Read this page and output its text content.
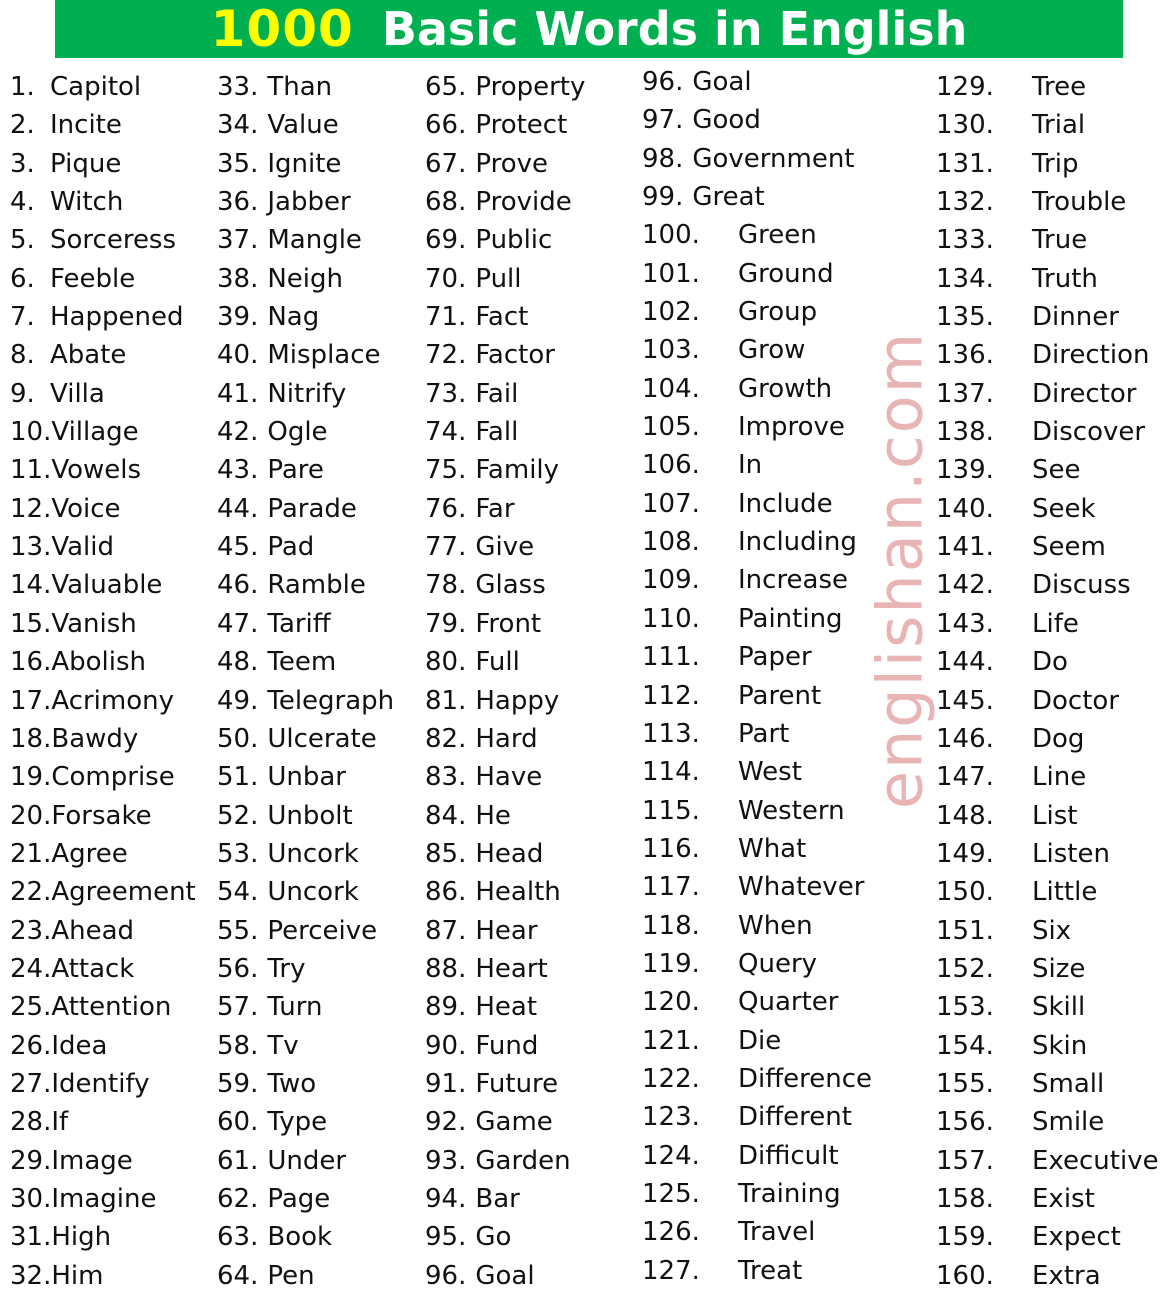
1000 Basic Words in English
englishan.com
1. Capitol
2. Incite
3. Pique
4. Witch
5. Sorceress
6. Feeble
7. Happened
8. Abate
9. Villa
10. Village
11. Vowels
12. Voice
13. Valid
14. Valuable
15. Vanish
16. Abolish
17. Acrimony
18. Bawdy
19. Comprise
20. Forsake
21. Agree
22. Agreement
23. Ahead
24. Attack
25. Attention
26. Idea
27. Identify
28. If
29. Image
30. Imagine
31. High
32. Him
33. Than
34. Value
35. Ignite
36. Jabber
37. Mangle
38. Neigh
39. Nag
40. Misplace
41. Nitrify
42. Ogle
43. Pare
44. Parade
45. Pad
46. Ramble
47. Tariff
48. Teem
49. Telegraph
50. Ulcerate
51. Unbar
52. Unbolt
53. Uncork
54. Uncork
55. Perceive
56. Try
57. Turn
58. Tv
59. Two
60. Type
61. Under
62. Page
63. Book
64. Pen
65. Property
66. Protect
67. Prove
68. Provide
69. Public
70. Pull
71. Fact
72. Factor
73. Fail
74. Fall
75. Family
76. Far
77. Give
78. Glass
79. Front
80. Full
81. Happy
82. Hard
83. Have
84. He
85. Head
86. Health
87. Hear
88. Heart
89. Heat
90. Fund
91. Future
92. Game
93. Garden
94. Bar
95. Go
96. Goal
96. Goal
97. Good
98. Government
99. Great
100.	Green
101.	Ground
102.	Group
103.	Grow
104.	Growth
105.	Improve
106.	In
107.	Include
108.	Including
109.	Increase
110.	Painting
111.	Paper
112.	Parent
113.	Part
114.	West
115.	Western
116.	What
117.	Whatever
118.	When
119.	Query
120.	Quarter
121.	Die
122.	Difference
123.	Different
124.	Difficult
125.	Training
126.	Travel
127.	Treat
129.	Tree
130.	Trial
131.	Trip
132.	Trouble
133.	True
134.	Truth
135.	Dinner
136.	Direction
137.	Director
138.	Discover
139.	See
140.	Seek
141.	Seem
142.	Discuss
143.	Life
144.	Do
145.	Doctor
146.	Dog
147.	Line
148.	List
149.	Listen
150.	Little
151.	Six
152.	Size
153.	Skill
154.	Skin
155.	Small
156.	Smile
157.	Executive
158.	Exist
159.	Expect
160.	Extra
